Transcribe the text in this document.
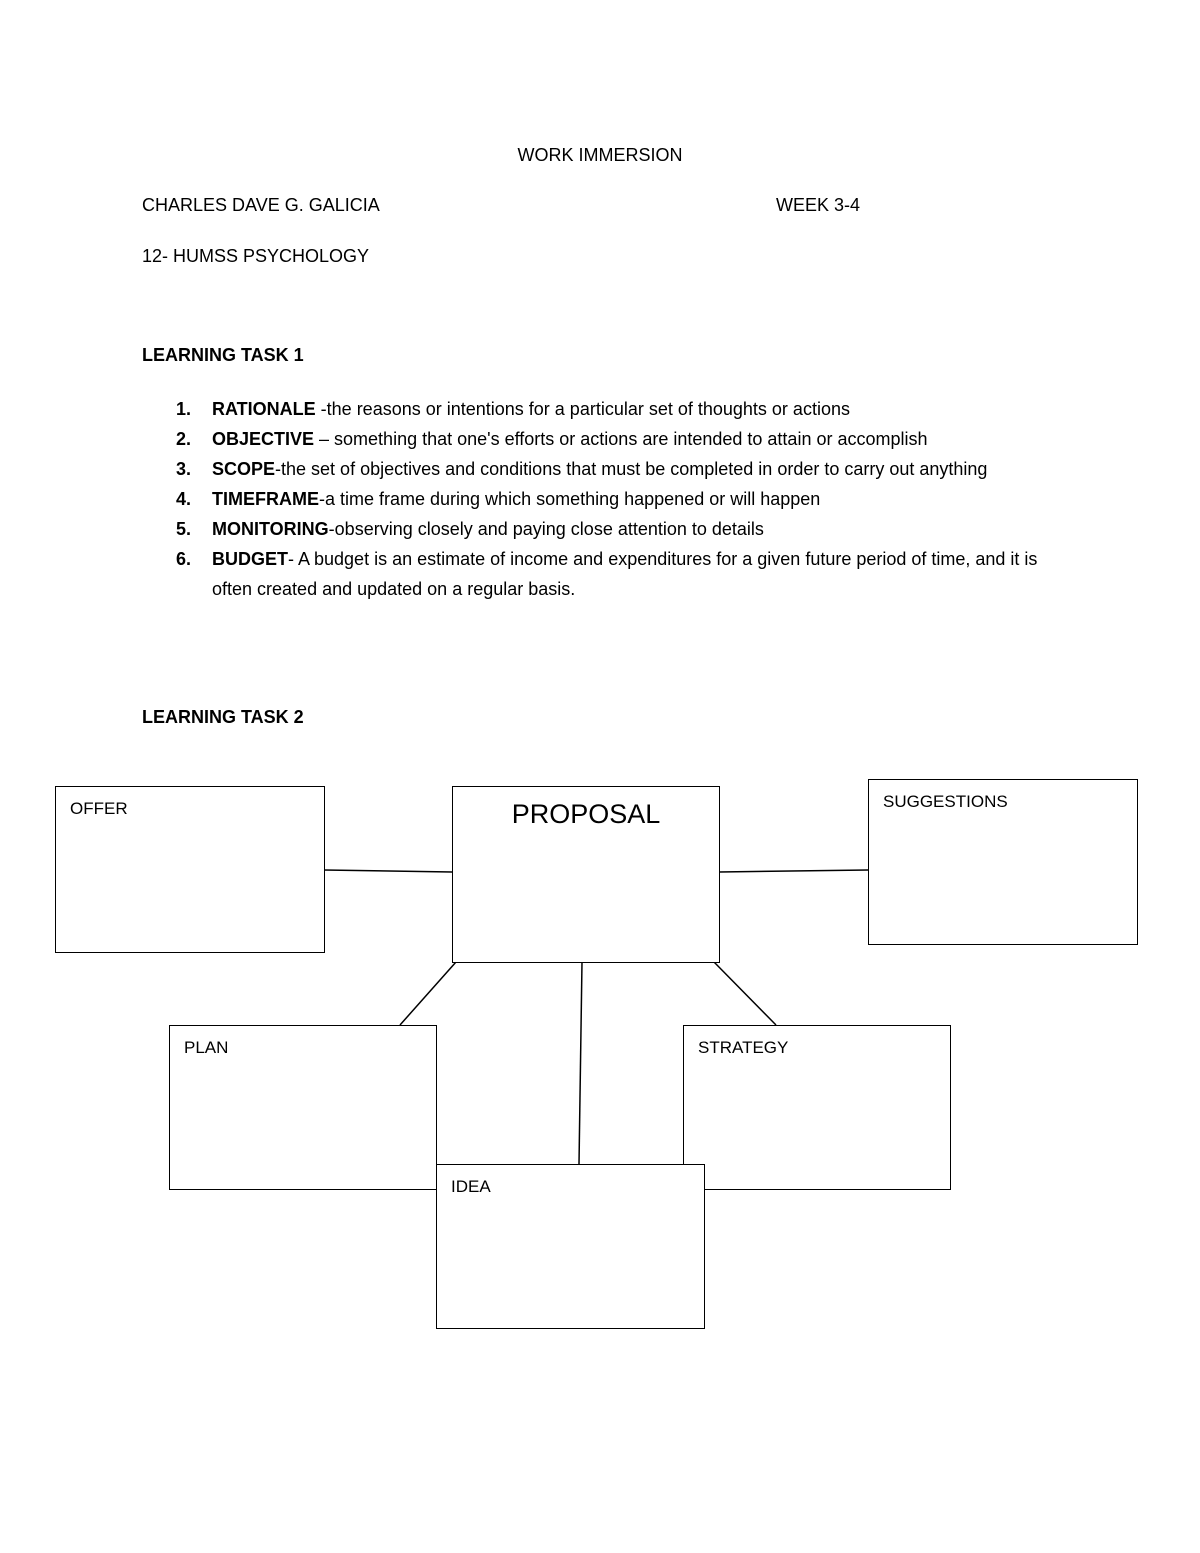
WORK IMMERSION
CHARLES DAVE G. GALICIA	WEEK 3-4
12- HUMSS PSYCHOLOGY
LEARNING TASK 1
1. RATIONALE -the reasons or intentions for a particular set of thoughts or actions
2. OBJECTIVE – something that one's efforts or actions are intended to attain or accomplish
3. SCOPE-the set of objectives and conditions that must be completed in order to carry out anything
4. TIMEFRAME-a time frame during which something happened or will happen
5. MONITORING-observing closely and paying close attention to details
6. BUDGET- A budget is an estimate of income and expenditures for a given future period of time, and it is often created and updated on a regular basis.
LEARNING TASK 2
OFFER	PROPOSAL	SUGGESTIONS
PLAN	STRATEGY
IDEA
